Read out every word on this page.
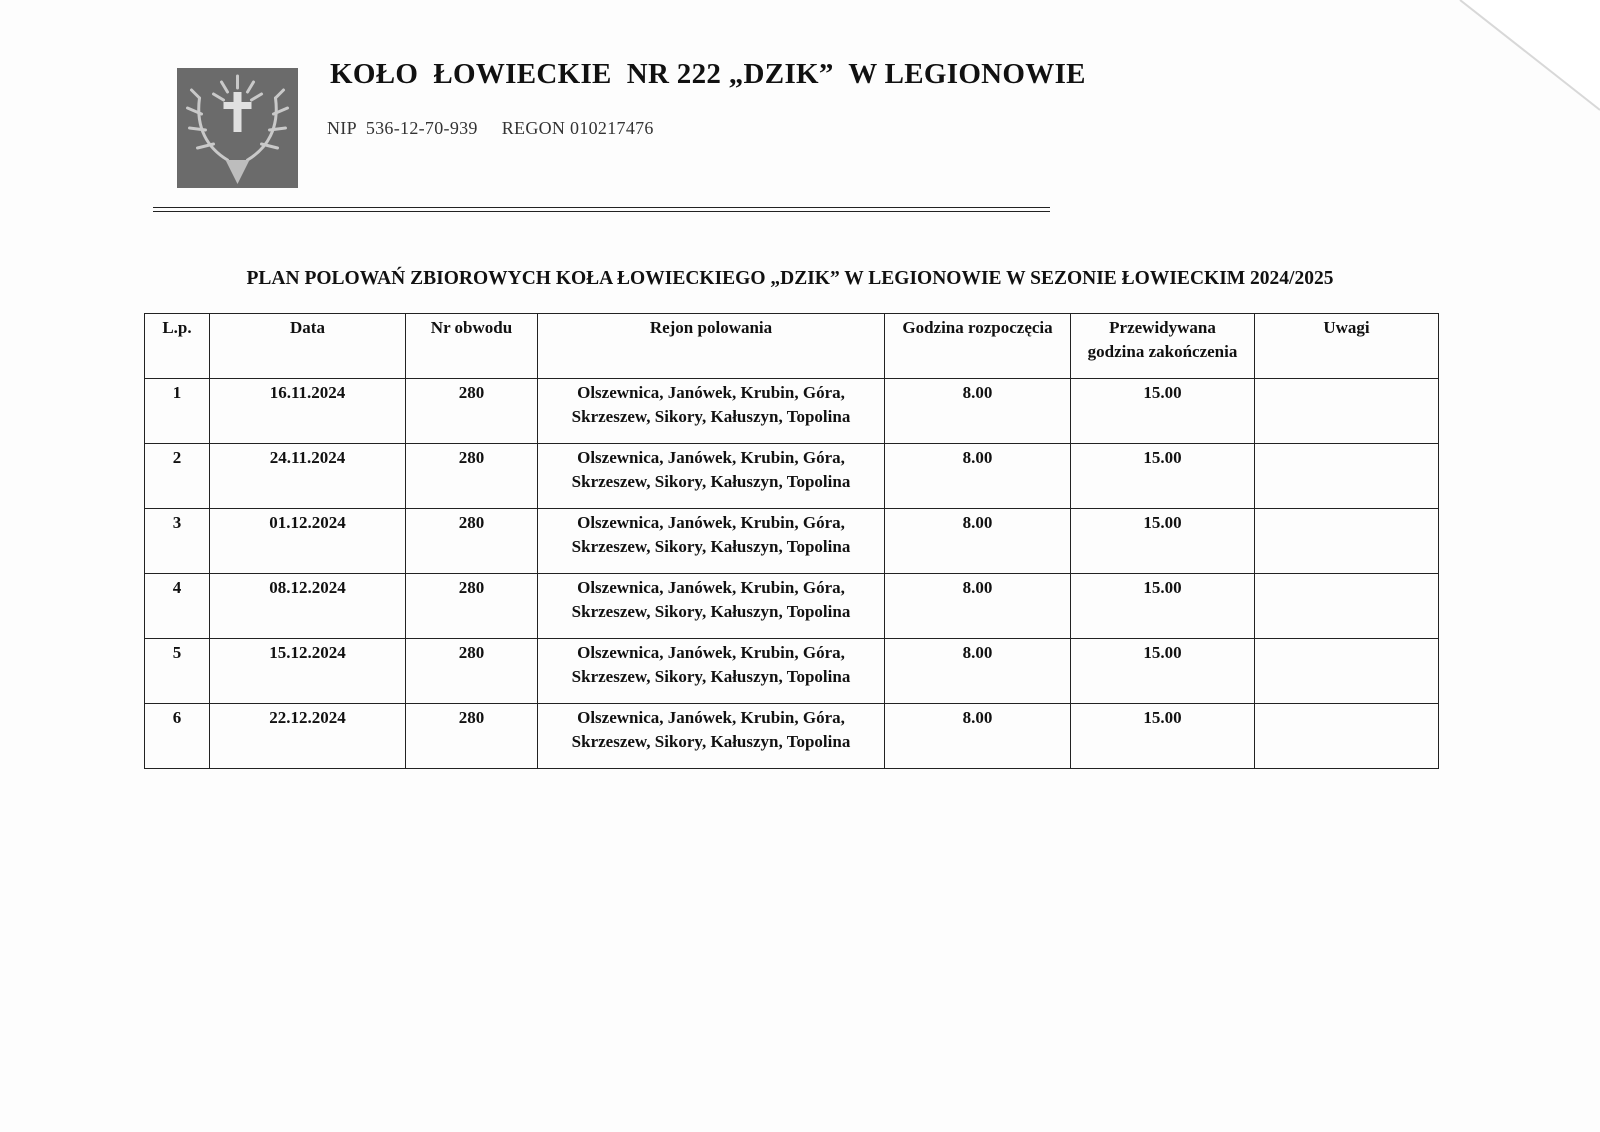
KOŁO  ŁOWIECKIE  NR 222 „DZIK”  W LEGIONOWIE
NIP  536-12-70-939 REGON 010217476
PLAN POLOWAŃ ZBIOROWYCH KOŁA ŁOWIECKIEGO „DZIK” W LEGIONOWIE W SEZONIE ŁOWIECKIM 2024/2025
L.p.	Data	Nr obwodu	Rejon polowania	Godzina rozpoczęcia	Przewidywana
godzina zakończenia	Uwagi
1	16.11.2024	280	Olszewnica, Janówek, Krubin, Góra,
Skrzeszew, Sikory, Kałuszyn, Topolina	8.00	15.00	
2	24.11.2024	280	Olszewnica, Janówek, Krubin, Góra,
Skrzeszew, Sikory, Kałuszyn, Topolina	8.00	15.00	
3	01.12.2024	280	Olszewnica, Janówek, Krubin, Góra,
Skrzeszew, Sikory, Kałuszyn, Topolina	8.00	15.00	
4	08.12.2024	280	Olszewnica, Janówek, Krubin, Góra,
Skrzeszew, Sikory, Kałuszyn, Topolina	8.00	15.00	
5	15.12.2024	280	Olszewnica, Janówek, Krubin, Góra,
Skrzeszew, Sikory, Kałuszyn, Topolina	8.00	15.00	
6	22.12.2024	280	Olszewnica, Janówek, Krubin, Góra,
Skrzeszew, Sikory, Kałuszyn, Topolina	8.00	15.00	
